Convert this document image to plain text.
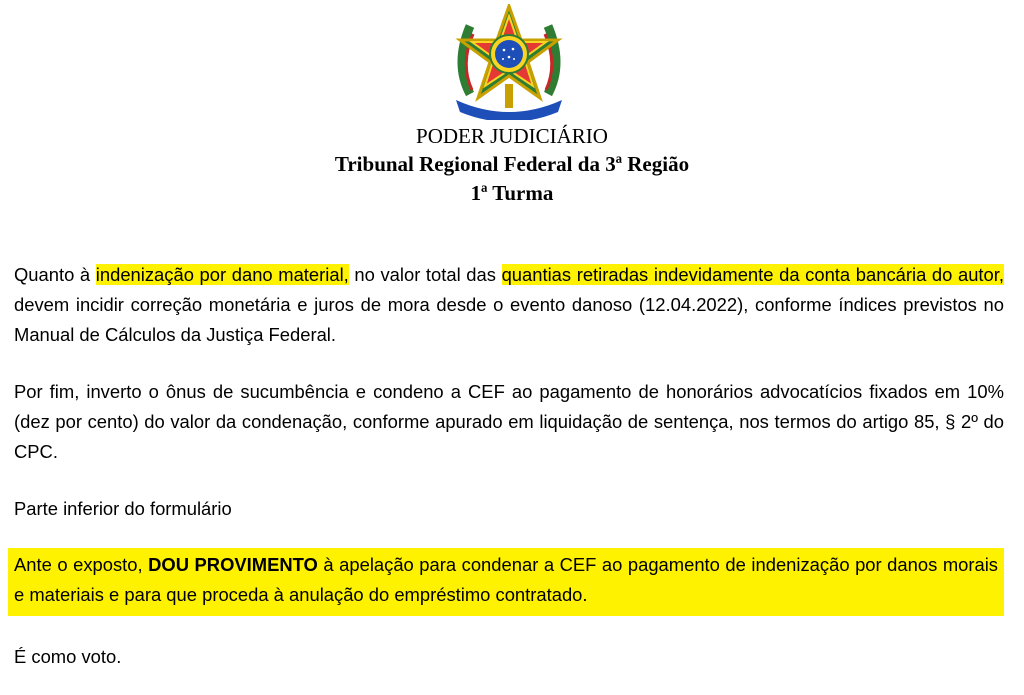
PODER JUDICIÁRIO
Tribunal Regional Federal da 3ª Região
1ª Turma
Quanto à indenização por dano material, no valor total das quantias retiradas indevidamente da conta bancária do autor, devem incidir correção monetária e juros de mora desde o evento danoso (12.04.2022), conforme índices previstos no Manual de Cálculos da Justiça Federal.
Por fim, inverto o ônus de sucumbência e condeno a CEF ao pagamento de honorários advocatícios fixados em 10% (dez por cento) do valor da condenação, conforme apurado em liquidação de sentença, nos termos do artigo 85, § 2º do CPC.
Parte inferior do formulário
Ante o exposto, DOU PROVIMENTO à apelação para condenar a CEF ao pagamento de indenização por danos morais e materiais e para que proceda à anulação do empréstimo contratado.
É como voto.
